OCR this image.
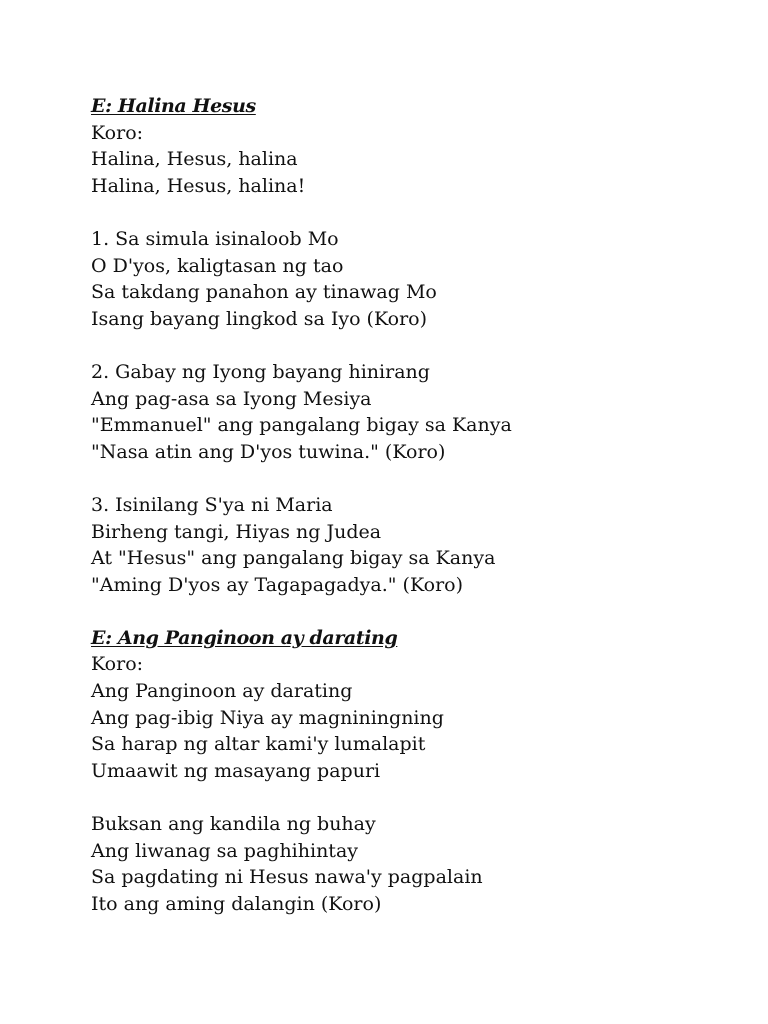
E: Halina Hesus
Koro:
Halina, Hesus, halina
Halina, Hesus, halina!
1. Sa simula isinaloob Mo
O D'yos, kaligtasan ng tao
Sa takdang panahon ay tinawag Mo
Isang bayang lingkod sa Iyo (Koro)
2. Gabay ng Iyong bayang hinirang
Ang pag-asa sa Iyong Mesiya
"Emmanuel" ang pangalang bigay sa Kanya
"Nasa atin ang D'yos tuwina." (Koro)
3. Isinilang S'ya ni Maria
Birheng tangi, Hiyas ng Judea
At "Hesus" ang pangalang bigay sa Kanya
"Aming D'yos ay Tagapagadya." (Koro)
E: Ang Panginoon ay darating
Koro:
Ang Panginoon ay darating
Ang pag-ibig Niya ay magniningning
Sa harap ng altar kami'y lumalapit
Umaawit ng masayang papuri
Buksan ang kandila ng buhay
Ang liwanag sa paghihintay
Sa pagdating ni Hesus nawa'y pagpalain
Ito ang aming dalangin (Koro)
